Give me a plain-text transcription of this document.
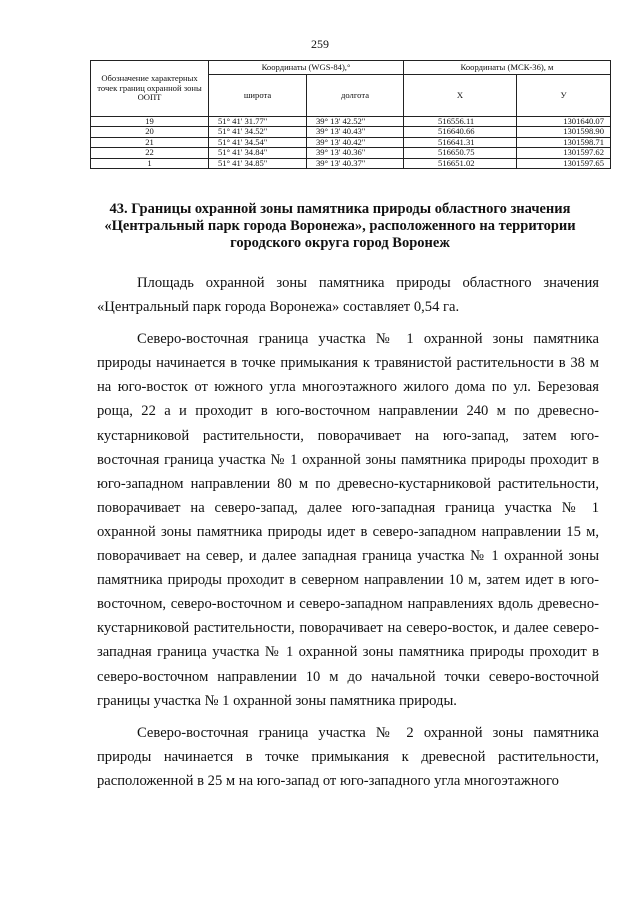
259
Обозначение характерных точек границ охранной зоны ООПТ	Координаты (WGS-84),°		Координаты (МСК-36), м	
	широта	долгота	X	У
19	51° 41' 31.77"	39° 13' 42.52"	516556.11	1301640.07
20	51° 41' 34.52"	39° 13' 40.43"	516640.66	1301598.90
21	51° 41' 34.54"	39° 13' 40.42"	516641.31	1301598.71
22	51° 41' 34.84"	39° 13' 40.36"	516650.75	1301597.62
1	51° 41' 34.85"	39° 13' 40.37"	516651.02	1301597.65
43. Границы охранной зоны памятника природы областного значения «Центральный парк города Воронежа», расположенного на территории городского округа город Воронеж

Площадь охранной зоны памятника природы областного значения «Центральный парк города Воронежа» составляет 0,54 га.

Северо-восточная граница участка № 1 охранной зоны памятника природы начинается в точке примыкания к травянистой растительности в 38 м на юго-восток от южного угла многоэтажного жилого дома по ул. Березовая роща, 22 а и проходит в юго-восточном направлении 240 м по древесно-кустарниковой растительности, поворачивает на юго-запад, затем юго-восточная граница участка № 1 охранной зоны памятника природы проходит в юго-западном направлении 80 м по древесно-кустарниковой растительности, поворачивает на северо-запад, далее юго-западная граница участка № 1 охранной зоны памятника природы идет в северо-западном направлении 15 м, поворачивает на север, и далее западная граница участка № 1 охранной зоны памятника природы проходит в северном направлении 10 м, затем идет в юго-восточном, северо-восточном и северо-западном направлениях вдоль древесно-кустарниковой растительности, поворачивает на северо-восток, и далее северо-западная граница участка № 1 охранной зоны памятника природы проходит в северо-восточном направлении 10 м до начальной точки северо-восточной границы участка № 1 охранной зоны памятника природы.

Северо-восточная граница участка № 2 охранной зоны памятника природы начинается в точке примыкания к древесной растительности, расположенной в 25 м на юго-запад от юго-западного угла многоэтажного
